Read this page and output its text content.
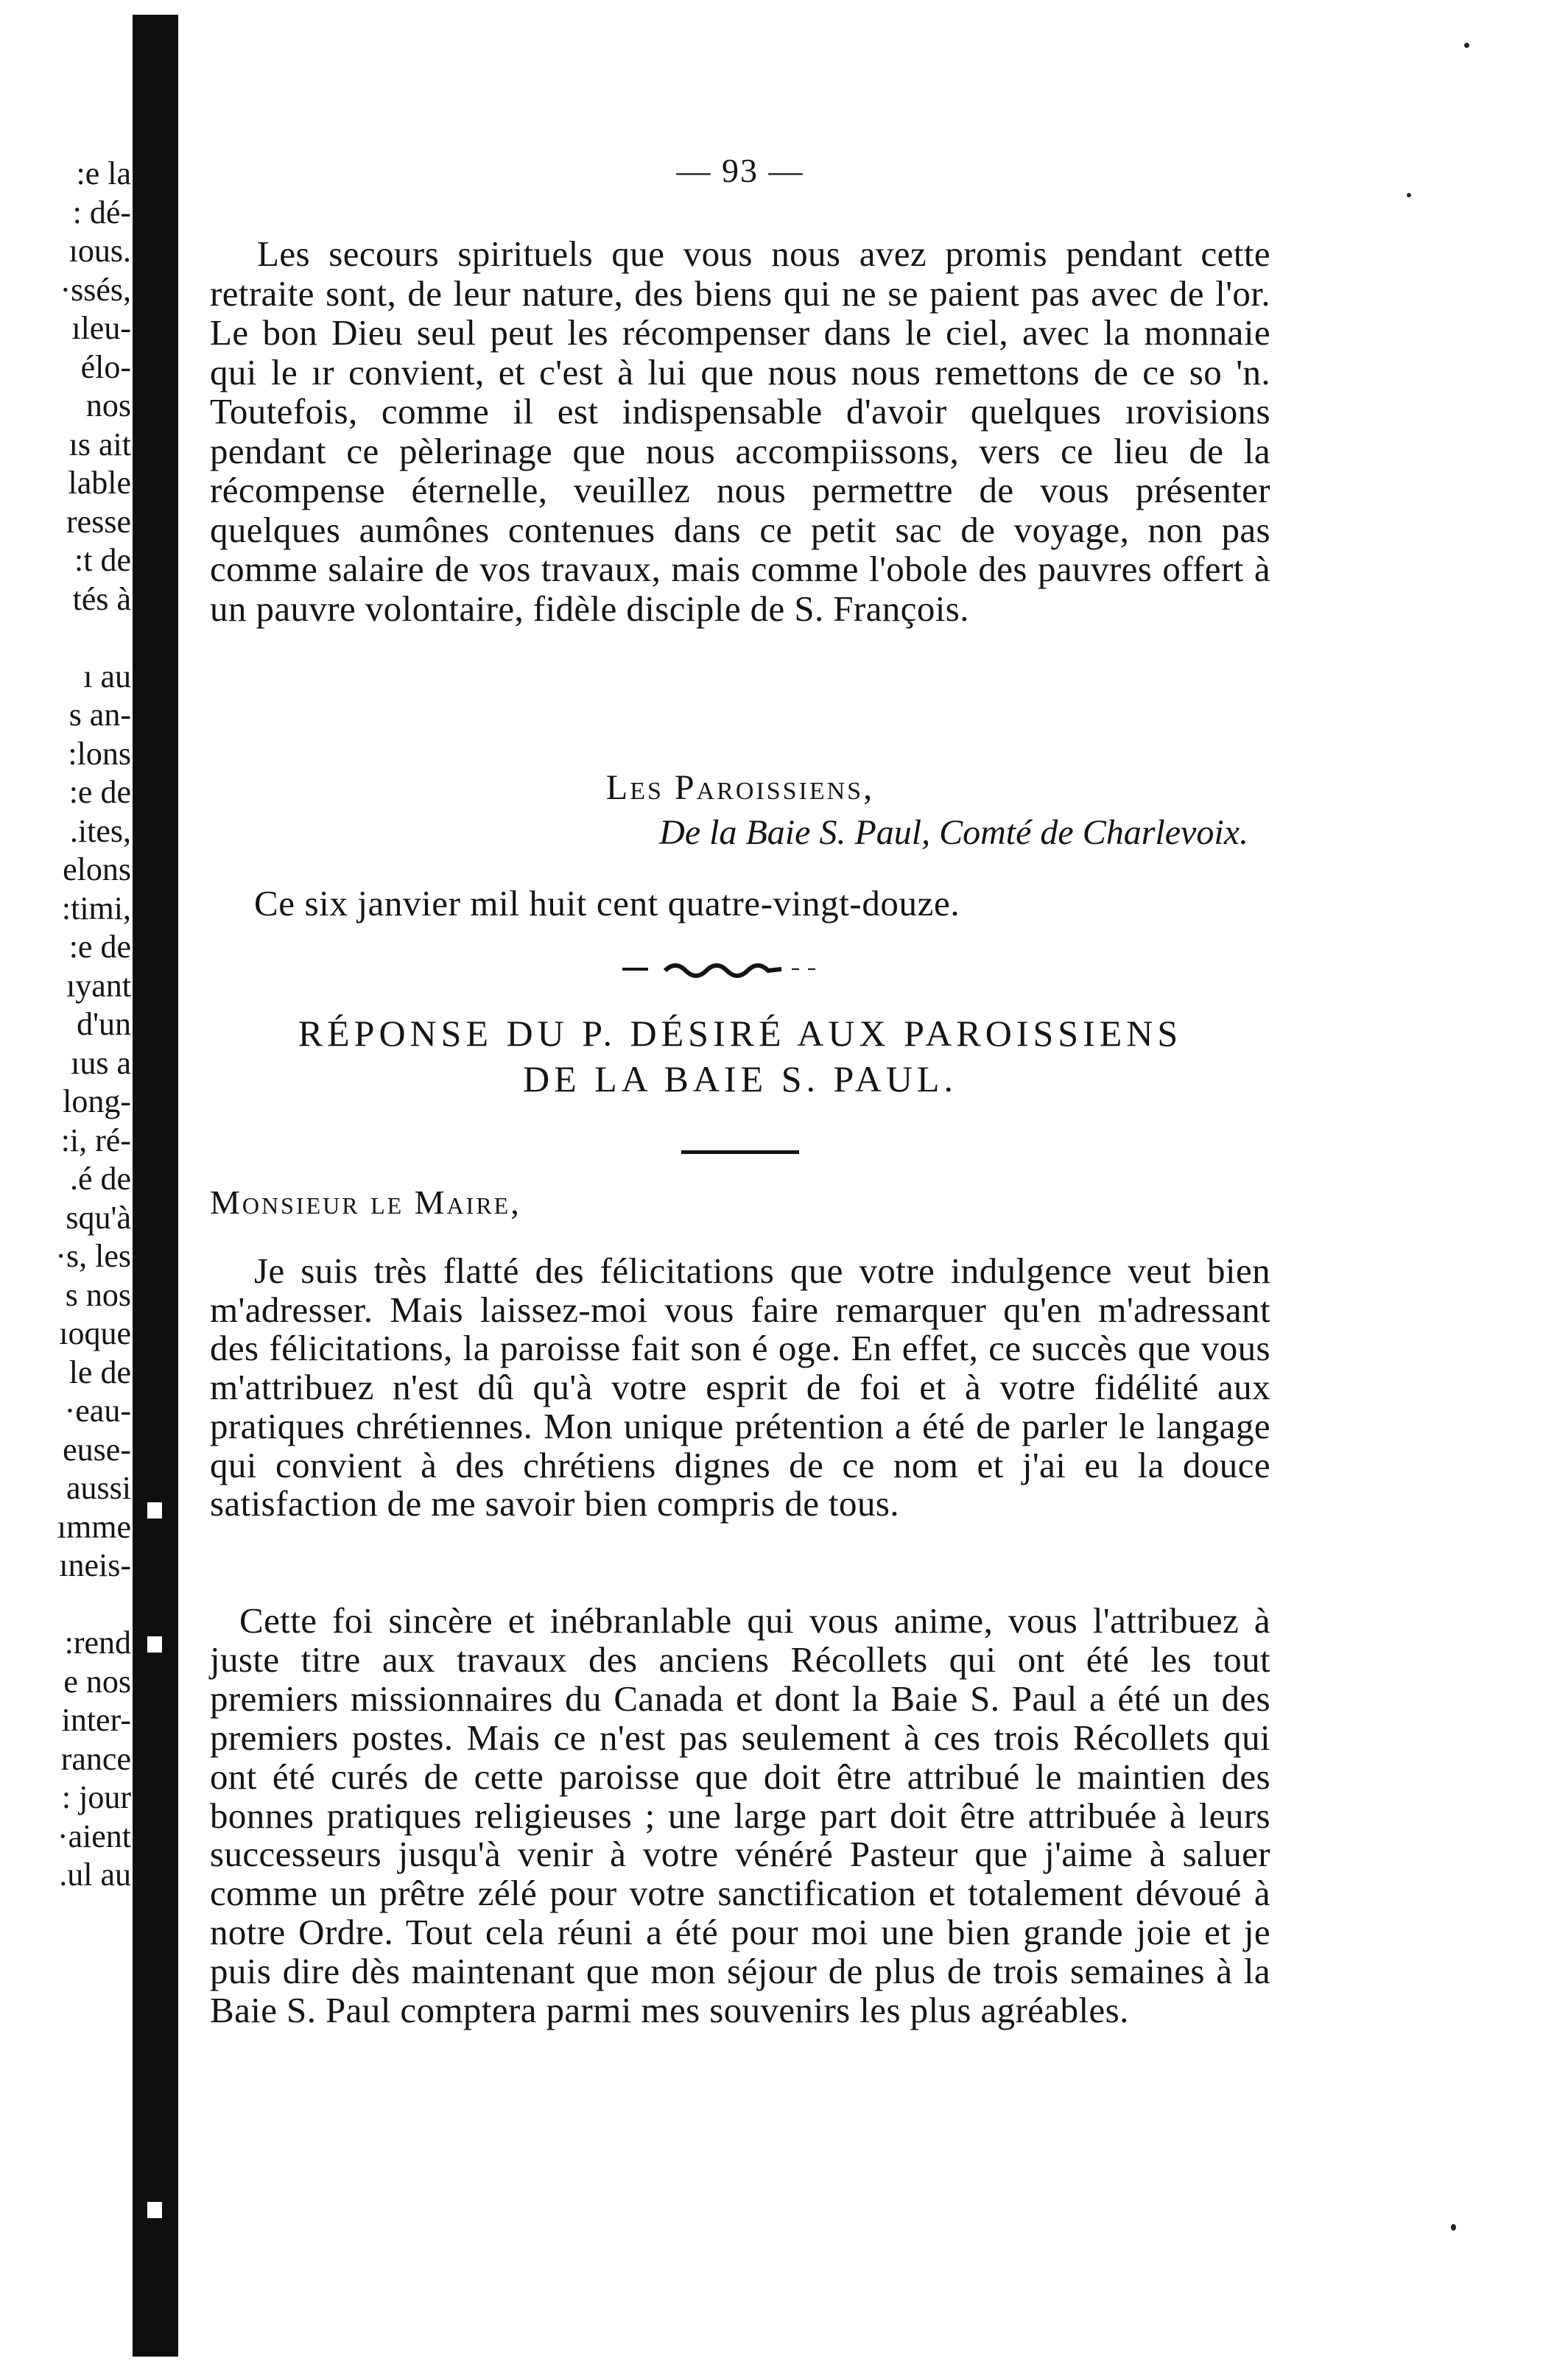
:e la
: dé-
ıous.
·ssés,
ıleu-
élo-
nos
ıs ait
lable
resse
:t de
tés à
ı au
s an-
:lons
:e de
.ites,
elons
:timi,
:e de
ıyant
d'un
ıus a
long-
:i, ré-
.é de
squ'à
·s, les
s nos
ıoque
le de
·eau-
euse-
aussi
ımme
ıneis-
:rend
e nos
inter-
rance
: jour
·aient
.ul au
— 93 —
Les secours spirituels que vous nous avez promis pendant cette retraite sont, de leur nature, des biens qui ne se paient pas avec de l'or. Le bon Dieu seul peut les récompenser dans le ciel, avec la monnaie qui le ır convient, et c'est à lui que nous nous remettons de ce so 'n. Toutefois, comme il est indispensable d'avoir quelques ırovisions pendant ce pèlerinage que nous accompiissons, vers ce lieu de la récompense éternelle, veuillez nous permettre de vous présenter quelques aumônes contenues dans ce petit sac de voyage, non pas comme salaire de vos travaux, mais comme l'obole des pauvres offert à un pauvre volontaire, fidèle disciple de S. François.
Les Paroissiens,
De la Baie S. Paul, Comté de Charlevoix.
Ce six janvier mil huit cent quatre-vingt-douze.
RÉPONSE DU P. DÉSIRÉ AUX PAROISSIENS
DE LA BAIE S. PAUL.
Monsieur le Maire,
Je suis très flatté des félicitations que votre indulgence veut bien m'adresser. Mais laissez-moi vous faire remarquer qu'en m'adressant des félicitations, la paroisse fait son é oge. En effet, ce succès que vous m'attribuez n'est dû qu'à votre esprit de foi et à votre fidélité aux pratiques chrétiennes. Mon unique prétention a été de parler le langage qui convient à des chrétiens dignes de ce nom et j'ai eu la douce satisfaction de me savoir bien compris de tous.
Cette foi sincère et inébranlable qui vous anime, vous l'attribuez à juste titre aux travaux des anciens Récollets qui ont été les tout premiers missionnaires du Canada et dont la Baie S. Paul a été un des premiers postes. Mais ce n'est pas seulement à ces trois Récollets qui ont été curés de cette paroisse que doit être attribué le maintien des bonnes pratiques religieuses ; une large part doit être attribuée à leurs successeurs jusqu'à venir à votre vénéré Pasteur que j'aime à saluer comme un prêtre zélé pour votre sanctification et totalement dévoué à notre Ordre. Tout cela réuni a été pour moi une bien grande joie et je puis dire dès maintenant que mon séjour de plus de trois semaines à la Baie S. Paul comptera parmi mes souvenirs les plus agréables.
